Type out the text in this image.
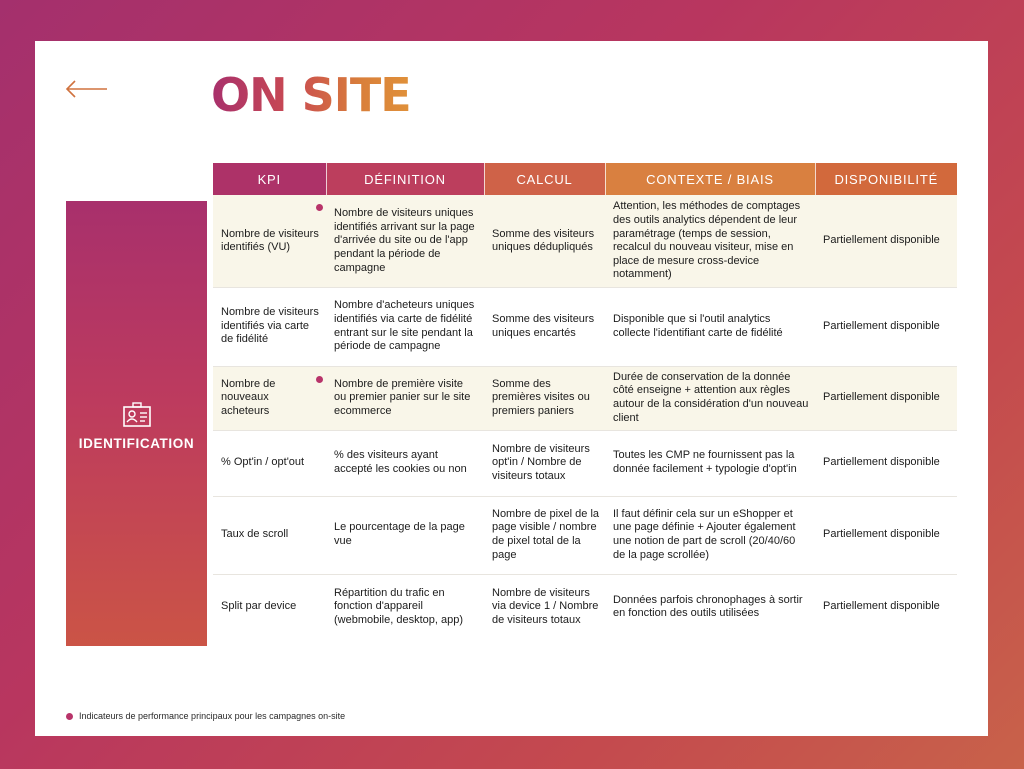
ON SITE
IDENTIFICATION
KPI	DÉFINITION	CALCUL	CONTEXTE / BIAIS	DISPONIBILITÉ
Nombre de visiteurs identifiés (VU)	Nombre de visiteurs uniques identifiés arrivant sur la page d'arrivée du site ou de l'app pendant la période de campagne	Somme des visiteurs uniques dédupliqués	Attention, les méthodes de comptages des outils analytics dépendent de leur paramétrage (temps de session, recalcul du nouveau visiteur, mise en place de mesure cross-device notamment)	Partiellement disponible
Nombre de visiteurs identifiés via carte de fidélité	Nombre d'acheteurs uniques identifiés via carte de fidélité entrant sur le site pendant la période de campagne	Somme des visiteurs uniques encartés	Disponible que si l'outil analytics collecte l'identifiant carte de fidélité	Partiellement disponible
Nombre de nouveaux acheteurs	Nombre de première visite ou premier panier sur le site ecommerce	Somme des premières visites ou premiers paniers	Durée de conservation de la donnée côté enseigne + attention aux règles autour de la considération d'un nouveau client	Partiellement disponible
% Opt'in / opt'out	% des visiteurs ayant accepté les cookies ou non	Nombre de visiteurs opt'in / Nombre de visiteurs totaux	Toutes les CMP ne fournissent pas la donnée facilement + typologie d'opt'in	Partiellement disponible
Taux de scroll	Le pourcentage de la page vue	Nombre de pixel de la page visible / nombre de pixel total de la page	Il faut définir cela sur un eShopper et une page définie + Ajouter également une notion de part de scroll (20/40/60 de la page scrollée)	Partiellement disponible
Split par device	Répartition du trafic en fonction d'appareil (webmobile, desktop, app)	Nombre de visiteurs via device 1 / Nombre de visiteurs totaux	Données parfois chronophages à sortir en fonction des outils utilisées	Partiellement disponible
Indicateurs de performance principaux pour les campagnes on-site
